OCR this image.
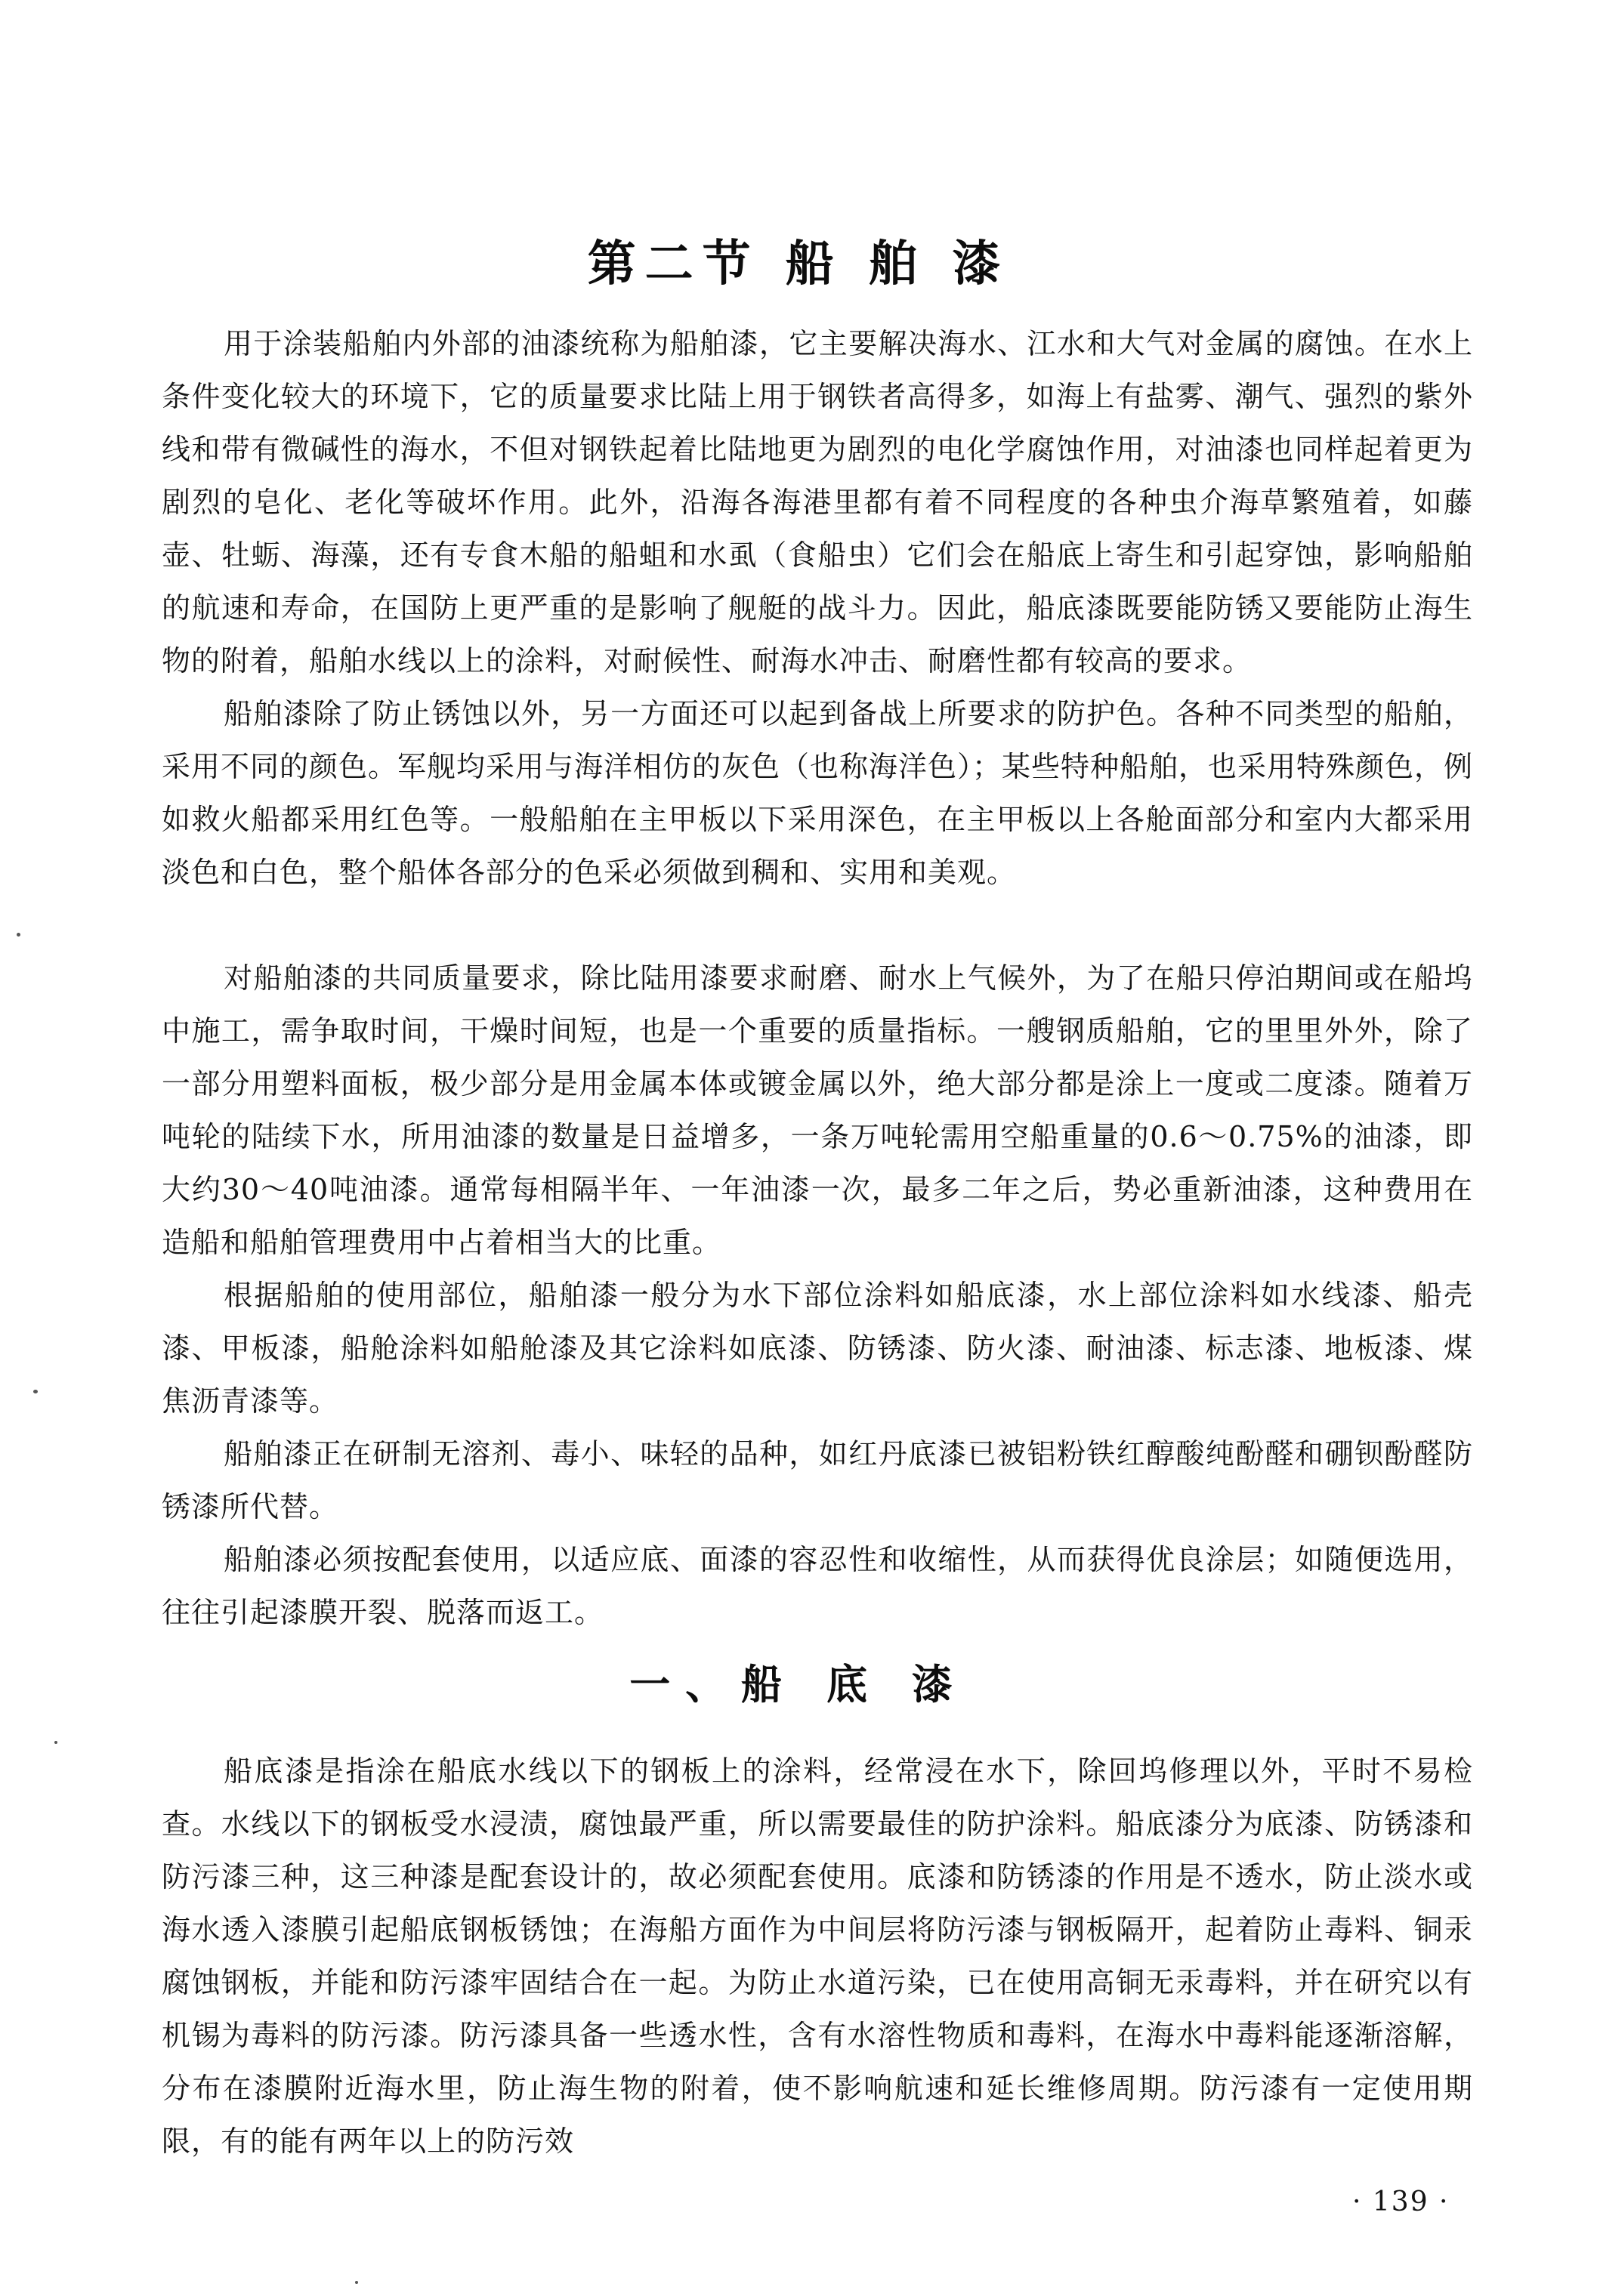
第二节 船 舶 漆

用于涂装船舶内外部的油漆统称为船舶漆，它主要解决海水、江水和大气对金属的腐蚀。在水上条件变化较大的环境下，它的质量要求比陆上用于钢铁者高得多，如海上有盐雾、潮气、强烈的紫外线和带有微碱性的海水，不但对钢铁起着比陆地更为剧烈的电化学腐蚀作用，对油漆也同样起着更为剧烈的皂化、老化等破坏作用。此外，沿海各海港里都有着不同程度的各种虫介海草繁殖着，如藤壶、牡蛎、海藻，还有专食木船的船蛆和水虱（食船虫）它们会在船底上寄生和引起穿蚀，影响船舶的航速和寿命，在国防上更严重的是影响了舰艇的战斗力。因此，船底漆既要能防锈又要能防止海生物的附着，船舶水线以上的涂料，对耐候性、耐海水冲击、耐磨性都有较高的要求。

船舶漆除了防止锈蚀以外，另一方面还可以起到备战上所要求的防护色。各种不同类型的船舶，采用不同的颜色。军舰均采用与海洋相仿的灰色（也称海洋色）；某些特种船舶，也采用特殊颜色，例如救火船都采用红色等。一般船舶在主甲板以下采用深色，在主甲板以上各舱面部分和室内大都采用淡色和白色，整个船体各部分的色采必须做到稠和、实用和美观。

对船舶漆的共同质量要求，除比陆用漆要求耐磨、耐水上气候外，为了在船只停泊期间或在船坞中施工，需争取时间，干燥时间短，也是一个重要的质量指标。一艘钢质船舶，它的里里外外，除了一部分用塑料面板，极少部分是用金属本体或镀金属以外，绝大部分都是涂上一度或二度漆。随着万吨轮的陆续下水，所用油漆的数量是日益增多，一条万吨轮需用空船重量的0.6～0.75%的油漆，即大约30～40吨油漆。通常每相隔半年、一年油漆一次，最多二年之后，势必重新油漆，这种费用在造船和船舶管理费用中占着相当大的比重。

根据船舶的使用部位，船舶漆一般分为水下部位涂料如船底漆，水上部位涂料如水线漆、船壳漆、甲板漆，船舱涂料如船舱漆及其它涂料如底漆、防锈漆、防火漆、耐油漆、标志漆、地板漆、煤焦沥青漆等。

船舶漆正在研制无溶剂、毒小、味轻的品种，如红丹底漆已被铝粉铁红醇酸纯酚醛和硼钡酚醛防锈漆所代替。

船舶漆必须按配套使用，以适应底、面漆的容忍性和收缩性，从而获得优良涂层；如随便选用，往往引起漆膜开裂、脱落而返工。

一、船 底 漆

船底漆是指涂在船底水线以下的钢板上的涂料，经常浸在水下，除回坞修理以外，平时不易检查。水线以下的钢板受水浸渍，腐蚀最严重，所以需要最佳的防护涂料。船底漆分为底漆、防锈漆和防污漆三种，这三种漆是配套设计的，故必须配套使用。底漆和防锈漆的作用是不透水，防止淡水或海水透入漆膜引起船底钢板锈蚀；在海船方面作为中间层将防污漆与钢板隔开，起着防止毒料、铜汞腐蚀钢板，并能和防污漆牢固结合在一起。为防止水道污染，已在使用高铜无汞毒料，并在研究以有机锡为毒料的防污漆。防污漆具备一些透水性，含有水溶性物质和毒料，在海水中毒料能逐渐溶解，分布在漆膜附近海水里，防止海生物的附着，使不影响航速和延长维修周期。防污漆有一定使用期限，有的能有两年以上的防污效

· 139 ·
